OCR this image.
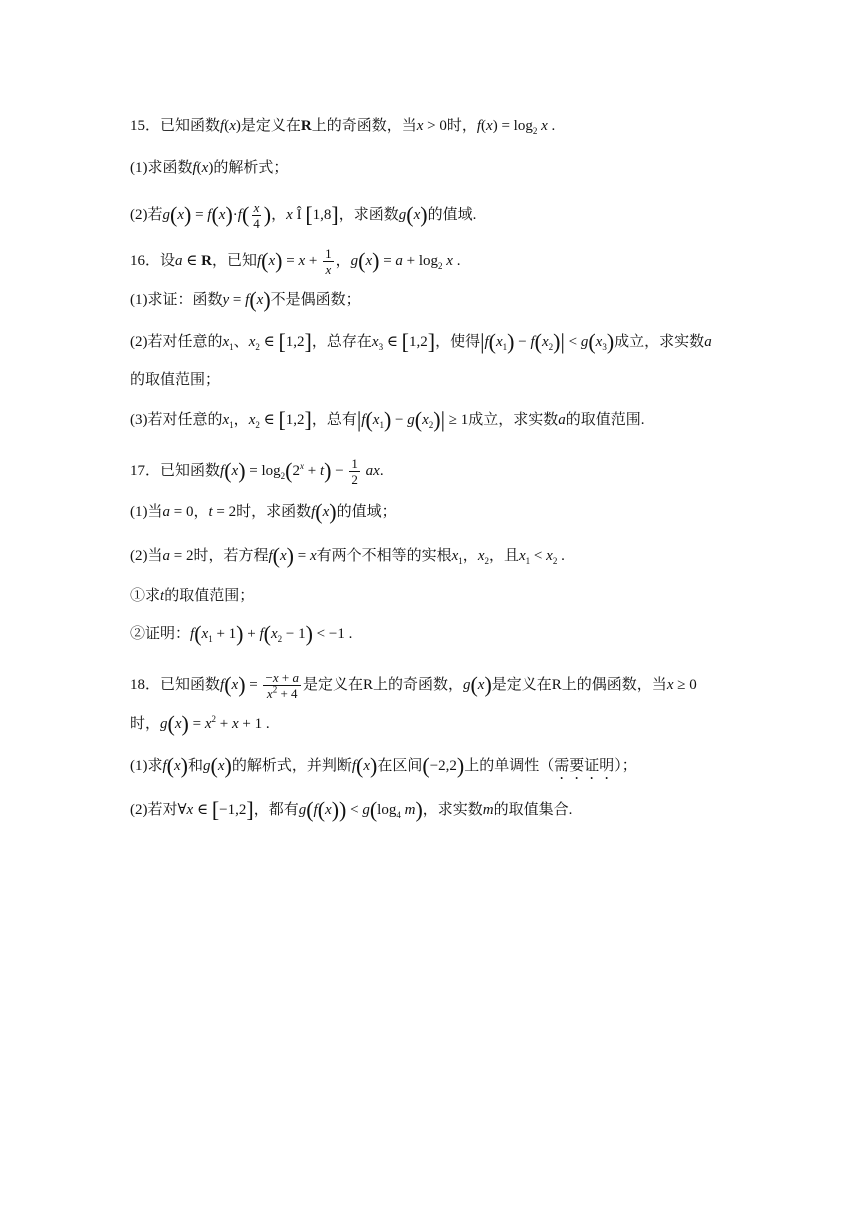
15．已知函数f(x)是定义在R上的奇函数，当x > 0时，$f(x) = \log_2 x$ .
(1)求函数f(x)的解析式；
(2)若$g(x) = f(x)\cdot f( \frac{x}{4}$ )，x Î [1,8]，求函数g(x)的值域.
16．设a ∈ R，已知$f(x) = x + \frac{1}{x}$ ，$g(x) = a + \log_2 x$ .
(1)求证：函数y = f(x)不是偶函数；
(2)若对任意的$x_1$、$x_2$ ∈ [1,2]，总存在$x_3$ ∈ [1,2]，使得$|f(x_1) - f(x_2)| < g(x_3)$成立，求实数a
的取值范围；
(3)若对任意的$x_1$，$x_2$ ∈ [1,2]，总有$|f(x_1) - g(x_2)| \ge 1$成立，求实数a的取值范围.
17．已知函数$f(x) = \log_2(2^x + t) - \frac{1}{2}$ ax.
(1)当a = 0，t = 2时，求函数f(x)的值域；
(2)当a = 2时，若方程f(x) = x有两个不相等的实根$x_1$，$x_2$，且$x_1 < x_2$ .
①求t的取值范围；
②证明：$f(x_1 + 1) + f(x_2 - 1) < -1$ .
18．已知函数$f(x) = \frac{-x + a}{x^2 + 4}$ 是定义在R上的奇函数，g(x)是定义在R上的偶函数，当x ≥ 0
时，$g(x) = x^2 + x + 1$ .
(1)求f(x)和g(x)的解析式，并判断f(x)在区间(−2,2)上的单调性（需要证明）；
(2)若对∀x ∈ [−1,2]，都有$g(f(x)) < g(\log_4$ m)，求实数m的取值集合.
